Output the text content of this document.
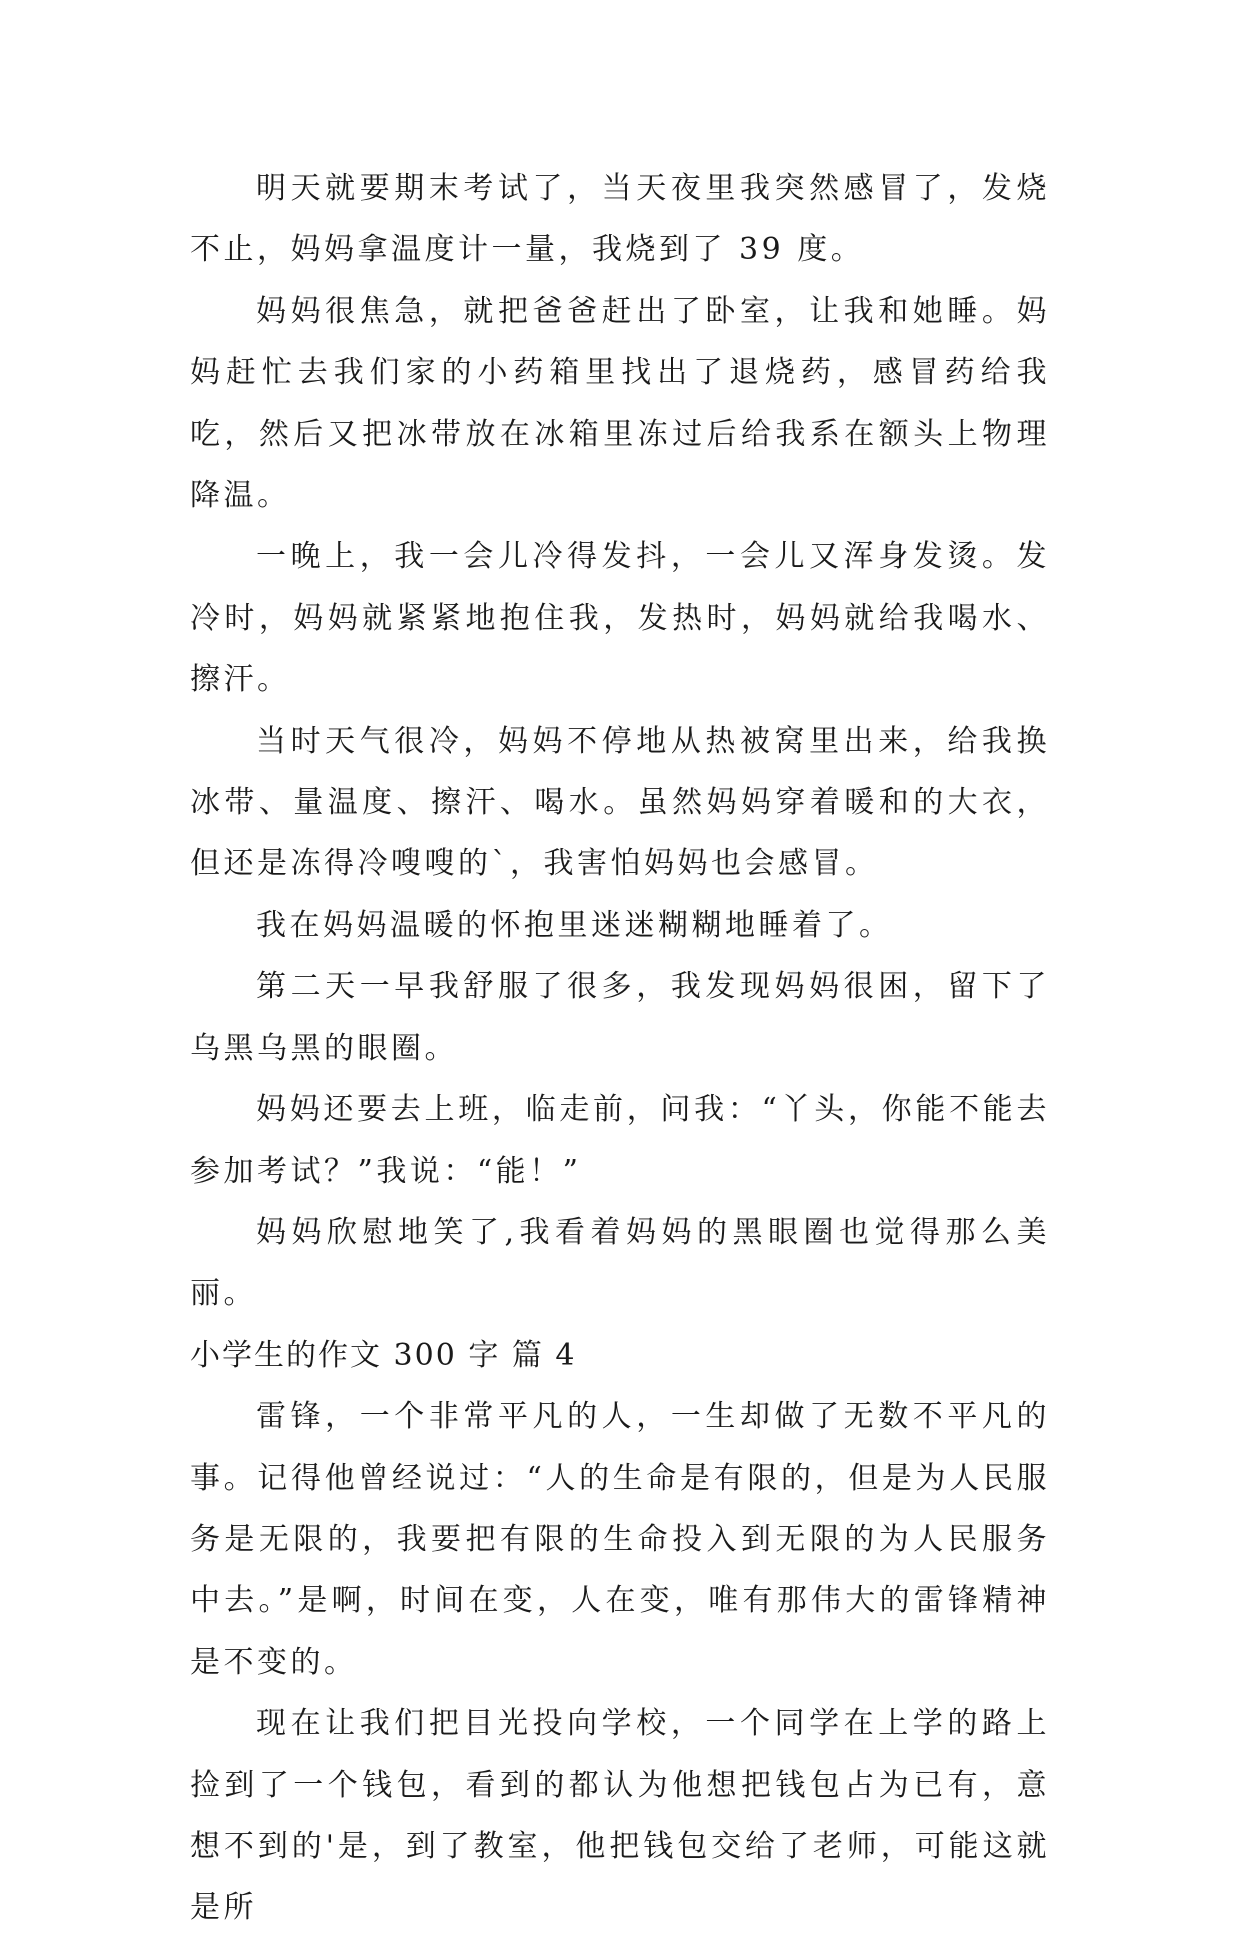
明天就要期末考试了，当天夜里我突然感冒了，发烧不止，妈妈拿温度计一量，我烧到了 39 度。

妈妈很焦急，就把爸爸赶出了卧室，让我和她睡。妈妈赶忙去我们家的小药箱里找出了退烧药，感冒药给我吃，然后又把冰带放在冰箱里冻过后给我系在额头上物理降温。

一晚上，我一会儿冷得发抖，一会儿又浑身发烫。发冷时，妈妈就紧紧地抱住我，发热时，妈妈就给我喝水、擦汗。

当时天气很冷，妈妈不停地从热被窝里出来，给我换冰带、量温度、擦汗、喝水。虽然妈妈穿着暖和的大衣，但还是冻得冷嗖嗖的`，我害怕妈妈也会感冒。

我在妈妈温暖的怀抱里迷迷糊糊地睡着了。

第二天一早我舒服了很多，我发现妈妈很困，留下了乌黑乌黑的眼圈。

妈妈还要去上班，临走前，问我：“丫头，你能不能去参加考试？”我说：“能！”

妈妈欣慰地笑了,我看着妈妈的黑眼圈也觉得那么美丽。

小学生的作文 300 字 篇 4

雷锋，一个非常平凡的人，一生却做了无数不平凡的事。记得他曾经说过：“人的生命是有限的，但是为人民服务是无限的，我要把有限的生命投入到无限的为人民服务中去。”是啊，时间在变，人在变，唯有那伟大的雷锋精神是不变的。

现在让我们把目光投向学校，一个同学在上学的路上捡到了一个钱包，看到的都认为他想把钱包占为已有，意想不到的'是，到了教室，他把钱包交给了老师，可能这就是所
